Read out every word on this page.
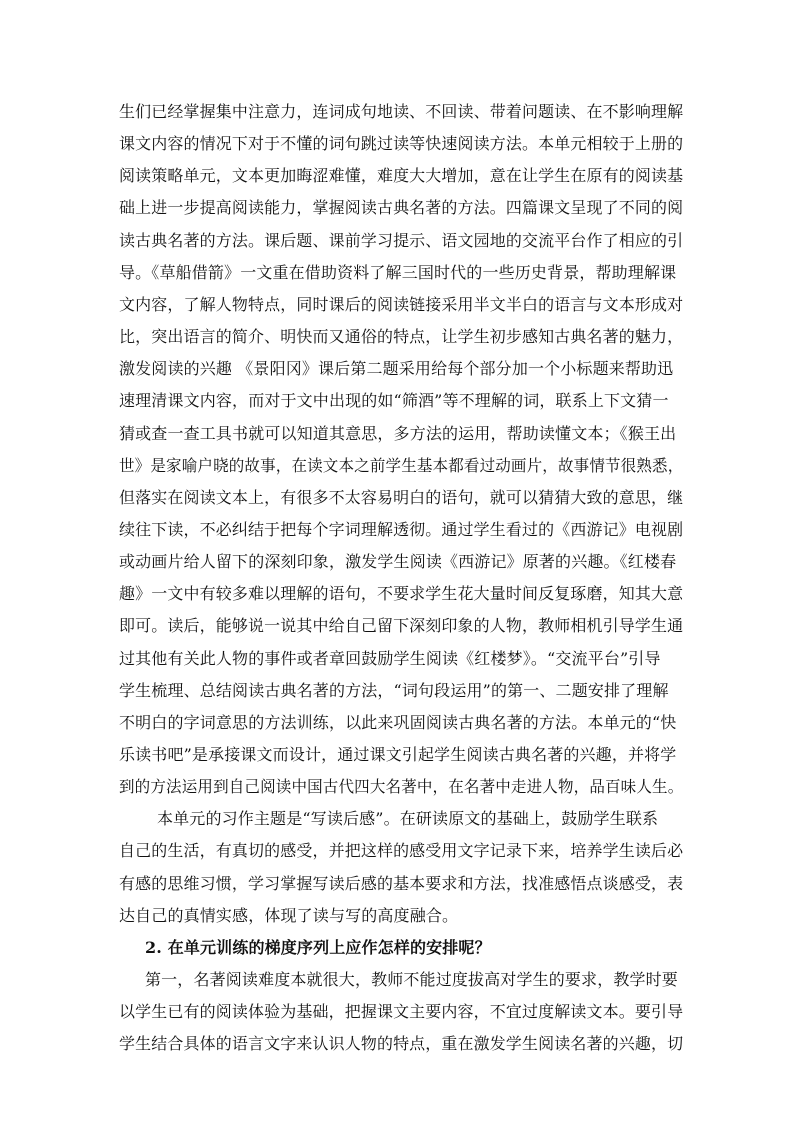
生们已经掌握集中注意力，连词成句地读、不回读、带着问题读、在不影响理解
课文内容的情况下对于不懂的词句跳过读等快速阅读方法。本单元相较于上册的
阅读策略单元，文本更加晦涩难懂，难度大大增加，意在让学生在原有的阅读基
础上进一步提高阅读能力，掌握阅读古典名著的方法。四篇课文呈现了不同的阅
读古典名著的方法。课后题、课前学习提示、语文园地的交流平台作了相应的引
导。《草船借箭》一文重在借助资料了解三国时代的一些历史背景，帮助理解课
文内容，了解人物特点，同时课后的阅读链接采用半文半白的语言与文本形成对
比，突出语言的简介、明快而又通俗的特点，让学生初步感知古典名著的魅力，
激发阅读的兴趣 《景阳冈》课后第二题采用给每个部分加一个小标题来帮助迅
速理清课文内容，而对于文中出现的如“筛酒”等不理解的词，联系上下文猜一
猜或查一查工具书就可以知道其意思，多方法的运用，帮助读懂文本；《猴王出
世》是家喻户晓的故事，在读文本之前学生基本都看过动画片，故事情节很熟悉，
但落实在阅读文本上，有很多不太容易明白的语句，就可以猜猜大致的意思，继
续往下读，不必纠结于把每个字词理解透彻。通过学生看过的《西游记》电视剧
或动画片给人留下的深刻印象，激发学生阅读《西游记》原著的兴趣。《红楼春
趣》一文中有较多难以理解的语句，不要求学生花大量时间反复琢磨，知其大意
即可。读后，能够说一说其中给自己留下深刻印象的人物，教师相机引导学生通
过其他有关此人物的事件或者章回鼓励学生阅读《红楼梦》。“交流平台”引导
学生梳理、总结阅读古典名著的方法，“词句段运用”的第一、二题安排了理解
不明白的字词意思的方法训练，以此来巩固阅读古典名著的方法。本单元的“快
乐读书吧”是承接课文而设计，通过课文引起学生阅读古典名著的兴趣，并将学
到的方法运用到自己阅读中国古代四大名著中，在名著中走进人物，品百味人生。
本单元的习作主题是“写读后感”。在研读原文的基础上，鼓励学生联系
自己的生活，有真切的感受，并把这样的感受用文字记录下来，培养学生读后必
有感的思维习惯，学习掌握写读后感的基本要求和方法，找准感悟点谈感受，表
达自己的真情实感，体现了读与写的高度融合。
2. 在单元训练的梯度序列上应作怎样的安排呢？
第一，名著阅读难度本就很大，教师不能过度拔高对学生的要求，教学时要
以学生已有的阅读体验为基础，把握课文主要内容，不宜过度解读文本。要引导
学生结合具体的语言文字来认识人物的特点，重在激发学生阅读名著的兴趣，切
